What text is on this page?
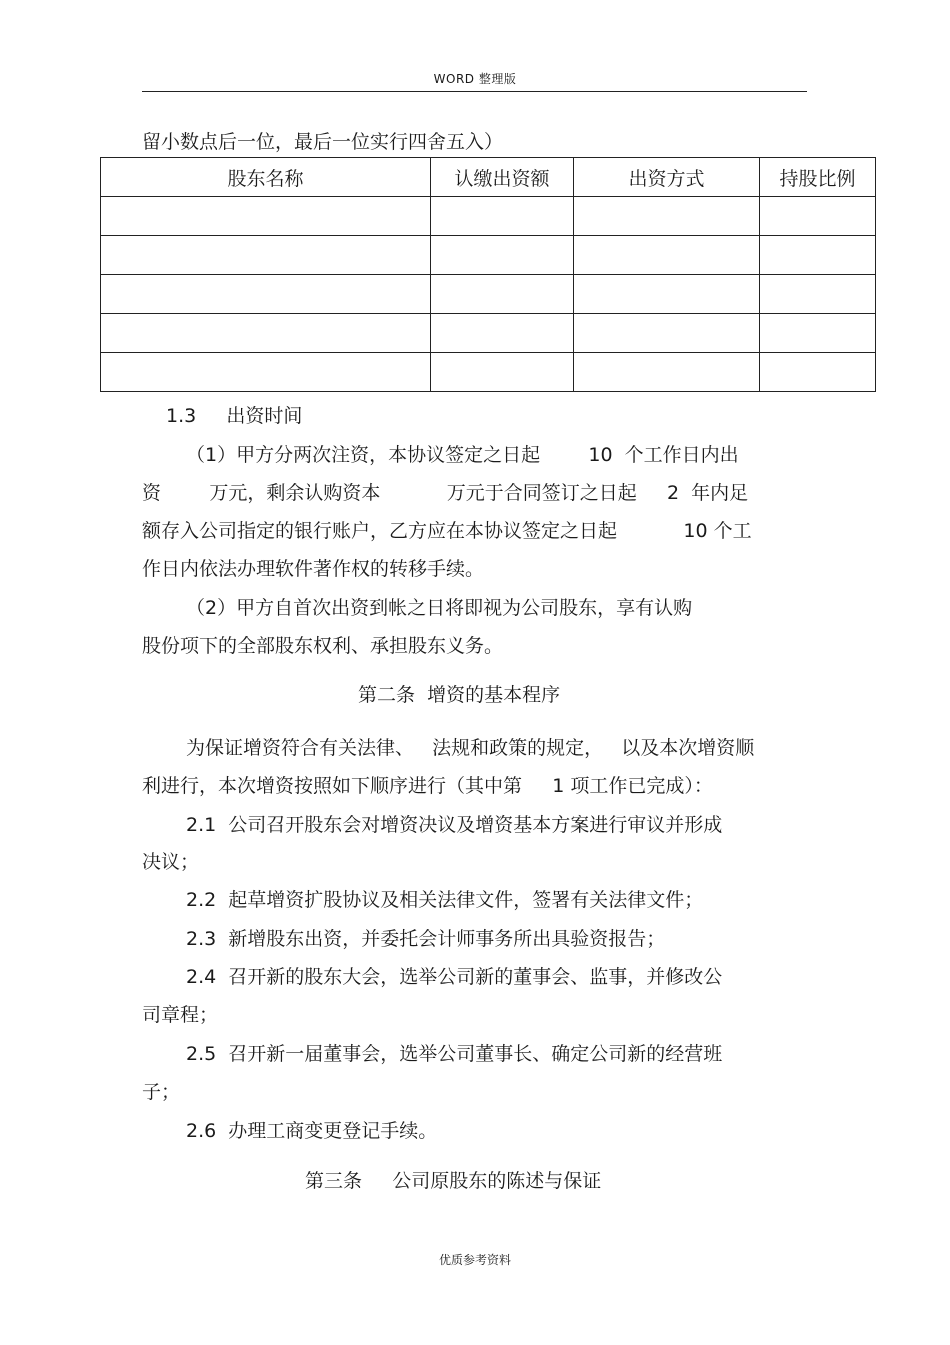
WORD 整理版
留小数点后一位，最后一位实行四舍五入）
股东名称	认缴出资额	出资方式	持股比例

1.3     出资时间
（1）甲方分两次注资，本协议签定之日起        10  个工作日内出
资        万元，剩余认购资本           万元于合同签订之日起     2  年内足
额存入公司指定的银行账户，乙方应在本协议签定之日起           10 个工
作日内依法办理软件著作权的转移手续。
（2）甲方自首次出资到帐之日将即视为公司股东，享有认购
股份项下的全部股东权利、承担股东义务。
第二条  增资的基本程序
为保证增资符合有关法律、   法规和政策的规定，   以及本次增资顺
利进行，本次增资按照如下顺序进行（其中第     1 项工作已完成）：
2.1  公司召开股东会对增资决议及增资基本方案进行审议并形成
决议；
2.2  起草增资扩股协议及相关法律文件，签署有关法律文件；
2.3  新增股东出资，并委托会计师事务所出具验资报告；
2.4  召开新的股东大会，选举公司新的董事会、监事，并修改公
司章程；
2.5  召开新一届董事会，选举公司董事长、确定公司新的经营班
子；
2.6  办理工商变更登记手续。
第三条     公司原股东的陈述与保证
优质参考资料
